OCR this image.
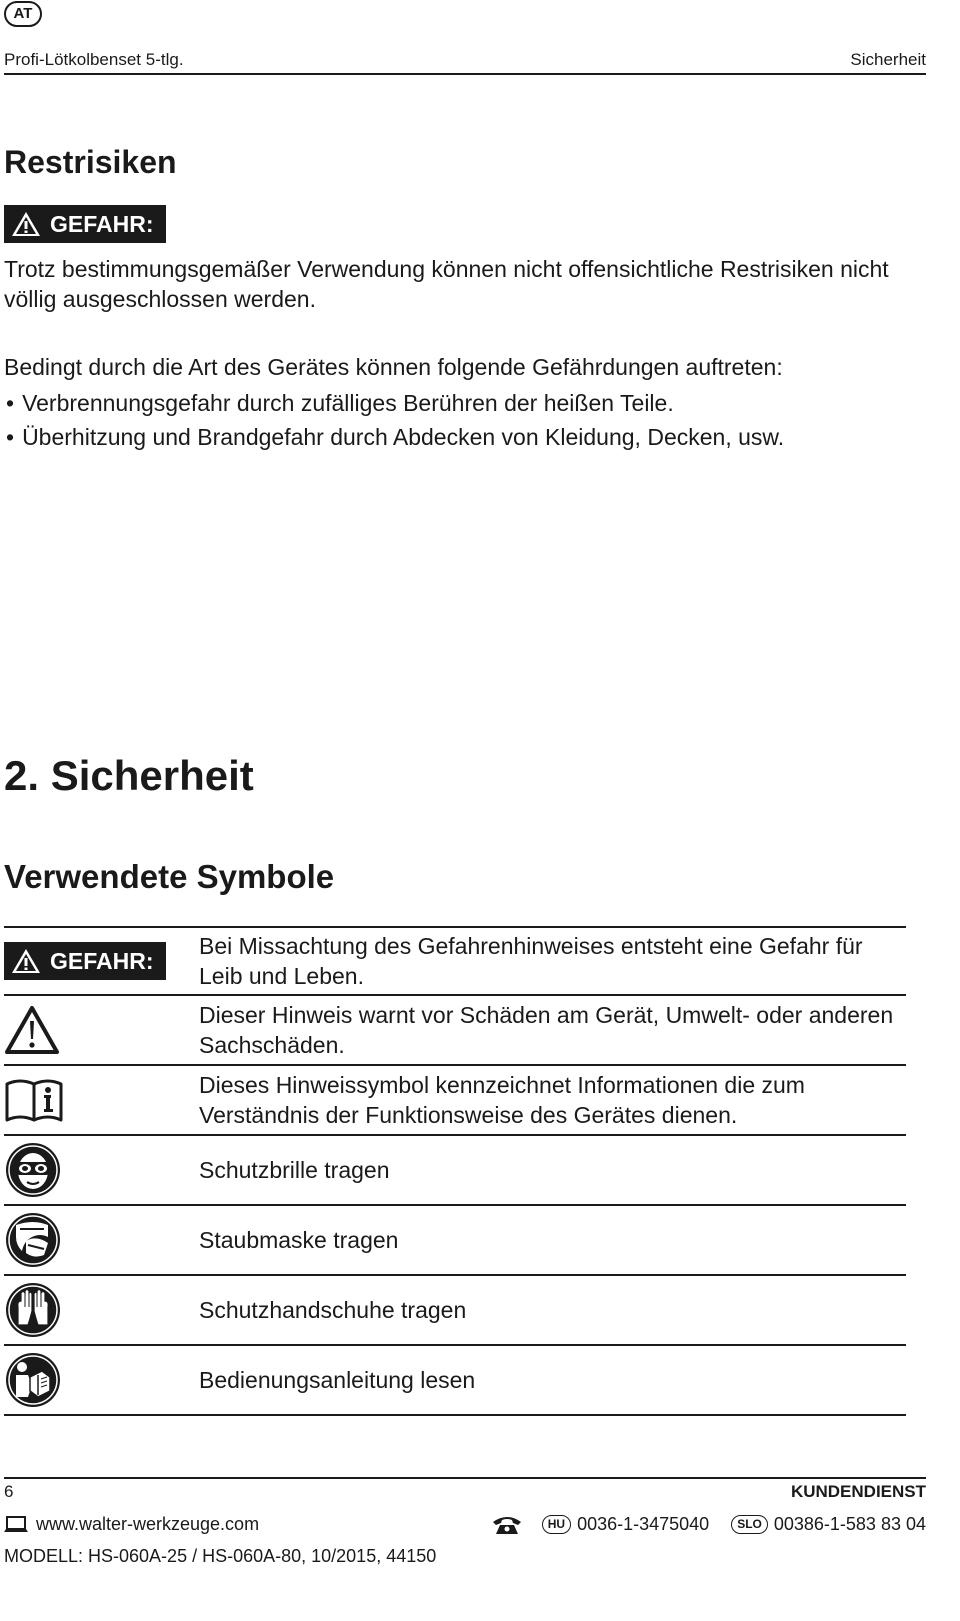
AT
Profi-Lötkolbenset 5-tlg.	Sicherheit
Restrisiken
GEFAHR:
Trotz bestimmungsgemäßer Verwendung können nicht offensichtliche Restrisiken nicht völlig ausgeschlossen werden.
Bedingt durch die Art des Gerätes können folgende Gefährdungen auftreten:
• Verbrennungsgefahr durch zufälliges Berühren der heißen Teile.
• Überhitzung und Brandgefahr durch Abdecken von Kleidung, Decken, usw.
2. Sicherheit
Verwendete Symbole
GEFAHR:
Bei Missachtung des Gefahrenhinweises entsteht eine Gefahr für Leib und Leben.
Dieser Hinweis warnt vor Schäden am Gerät, Umwelt- oder anderen Sachschäden.
Dieses Hinweissymbol kennzeichnet Informationen die zum Verständnis der Funktionsweise des Gerätes dienen.
Schutzbrille tragen
Staubmaske tragen
Schutzhandschuhe tragen
Bedienungsanleitung lesen
6	KUNDENDIENST
www.walter-werkzeuge.com	HU 0036-1-3475040	SLO 00386-1-583 83 04
MODELL: HS-060A-25 / HS-060A-80, 10/2015, 44150
